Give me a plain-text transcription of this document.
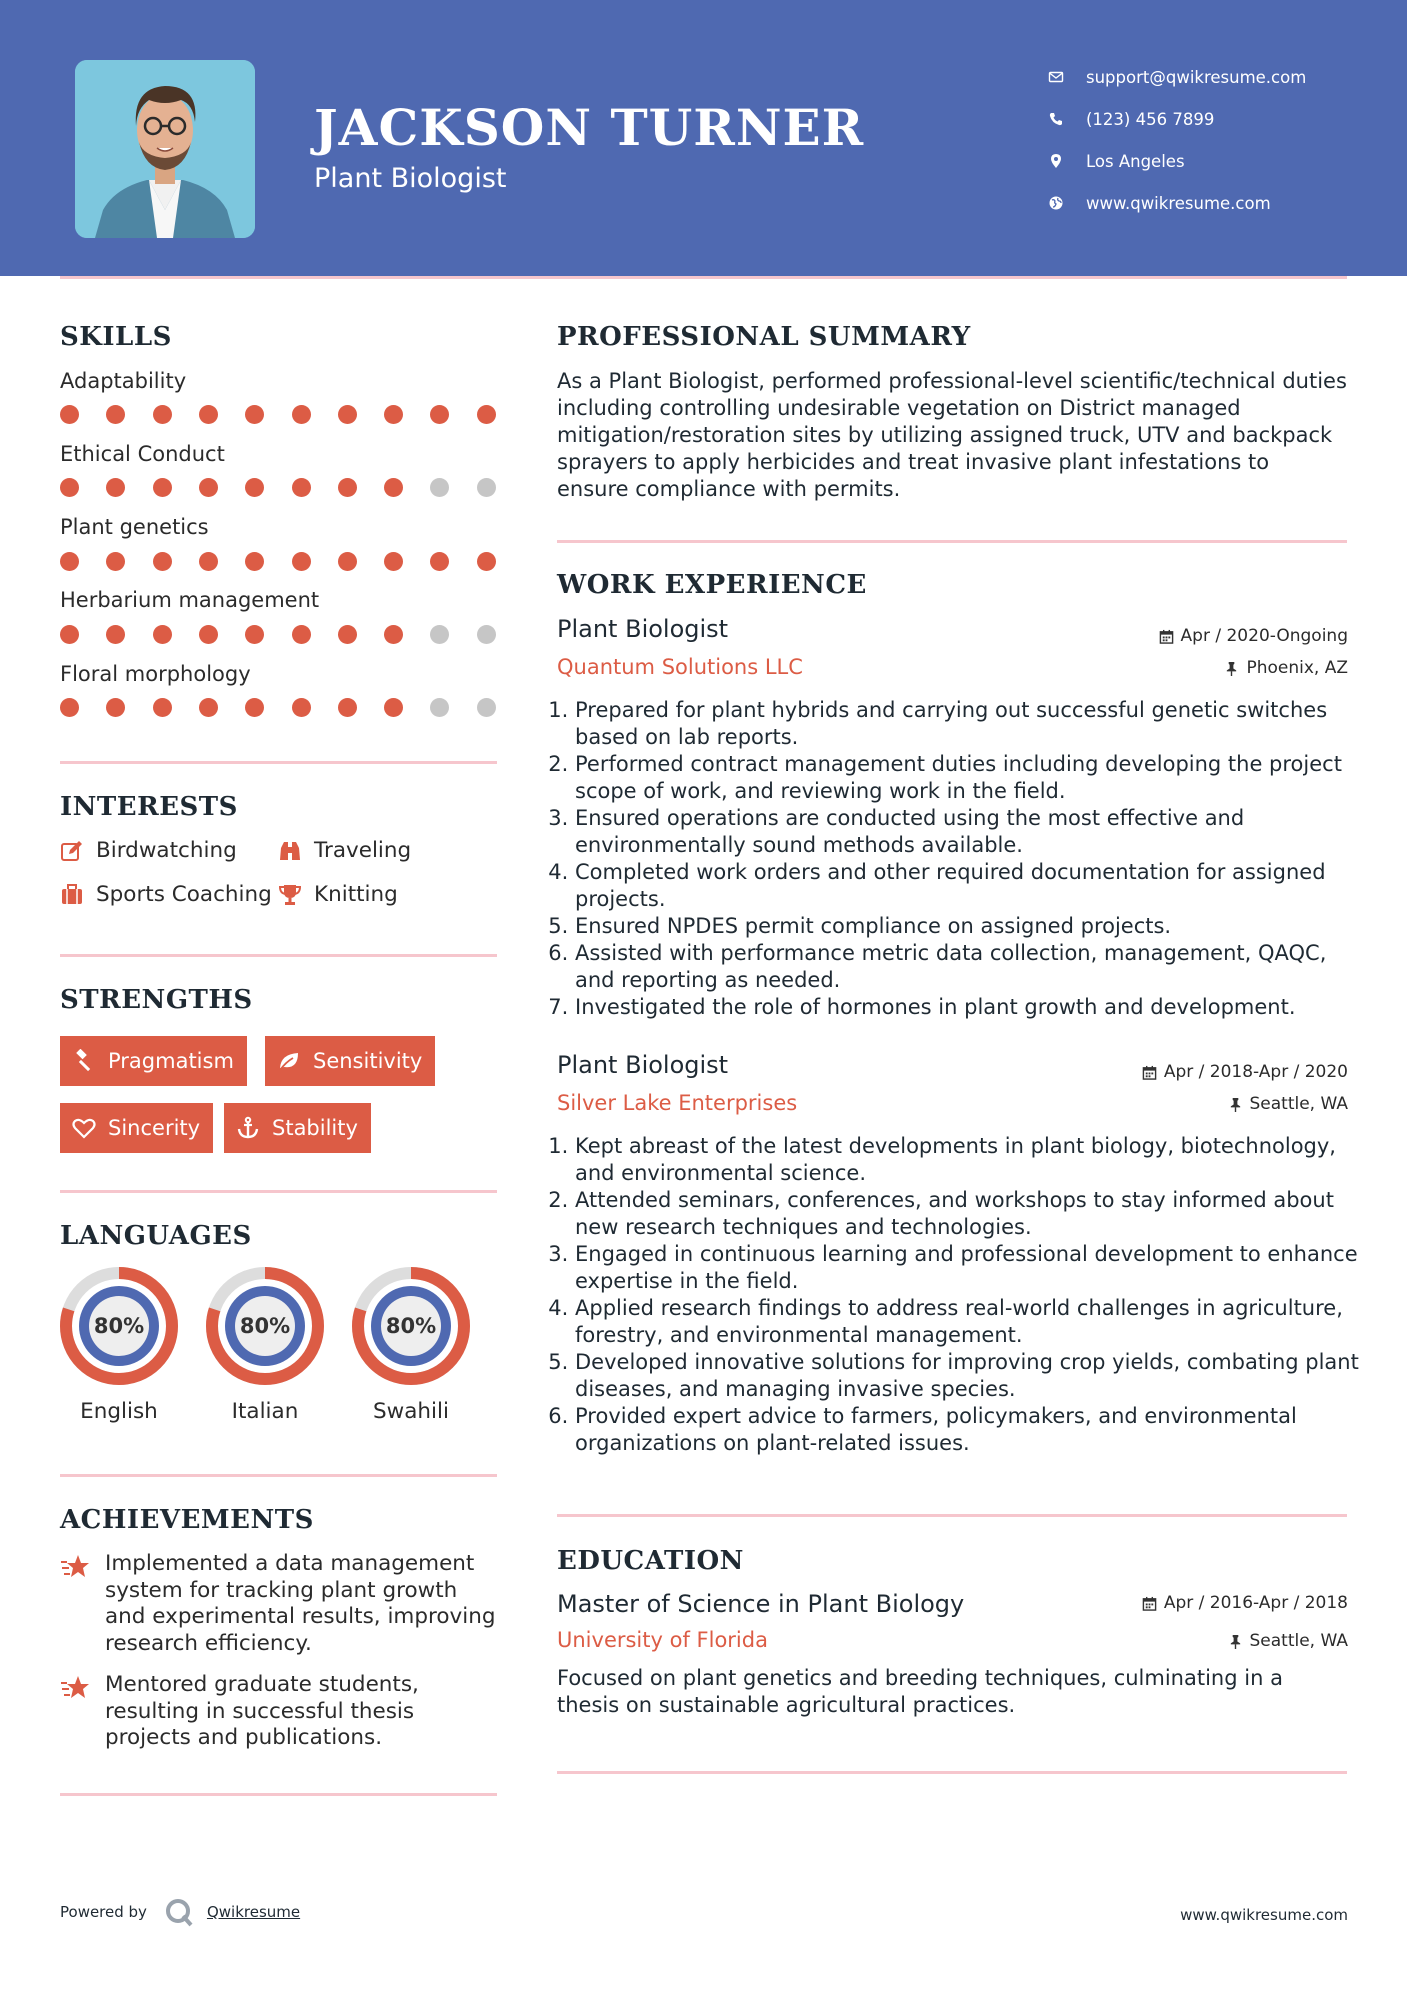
JACKSON TURNER
Plant Biologist
support@qwikresume.com
(123) 456 7899
Los Angeles
www.qwikresume.com
SKILLS
Adaptability
Ethical Conduct
Plant genetics
Herbarium management
Floral morphology
INTERESTS
Birdwatching	Traveling
Sports Coaching Knitting
STRENGTHS
Pragmatism	Sensitivity
Sincerity	Stability
LANGUAGES
80%
English
80%
Italian
80%
Swahili
ACHIEVEMENTS
Implemented a data management system for tracking plant growth and experimental results, improving research efficiency.
Mentored graduate students, resulting in successful thesis projects and publications.
PROFESSIONAL SUMMARY
As a Plant Biologist, performed professional-level scientific/technical duties including controlling undesirable vegetation on District managed mitigation/restoration sites by utilizing assigned truck, UTV and backpack sprayers to apply herbicides and treat invasive plant infestations to ensure compliance with permits.
WORK EXPERIENCE
Plant Biologist	Apr / 2020-Ongoing
Quantum Solutions LLC	Phoenix, AZ
1. Prepared for plant hybrids and carrying out successful genetic switches based on lab reports.
2. Performed contract management duties including developing the project scope of work, and reviewing work in the field.
3. Ensured operations are conducted using the most effective and environmentally sound methods available.
4. Completed work orders and other required documentation for assigned projects.
5. Ensured NPDES permit compliance on assigned projects.
6. Assisted with performance metric data collection, management, QAQC, and reporting as needed.
7. Investigated the role of hormones in plant growth and development.
Plant Biologist	Apr / 2018-Apr / 2020
Silver Lake Enterprises	Seattle, WA
1. Kept abreast of the latest developments in plant biology, biotechnology, and environmental science.
2. Attended seminars, conferences, and workshops to stay informed about new research techniques and technologies.
3. Engaged in continuous learning and professional development to enhance expertise in the field.
4. Applied research findings to address real-world challenges in agriculture, forestry, and environmental management.
5. Developed innovative solutions for improving crop yields, combating plant diseases, and managing invasive species.
6. Provided expert advice to farmers, policymakers, and environmental organizations on plant-related issues.
EDUCATION
Master of Science in Plant Biology	Apr / 2016-Apr / 2018
University of Florida	Seattle, WA
Focused on plant genetics and breeding techniques, culminating in a thesis on sustainable agricultural practices.
Powered by	Qwikresume	www.qwikresume.com
